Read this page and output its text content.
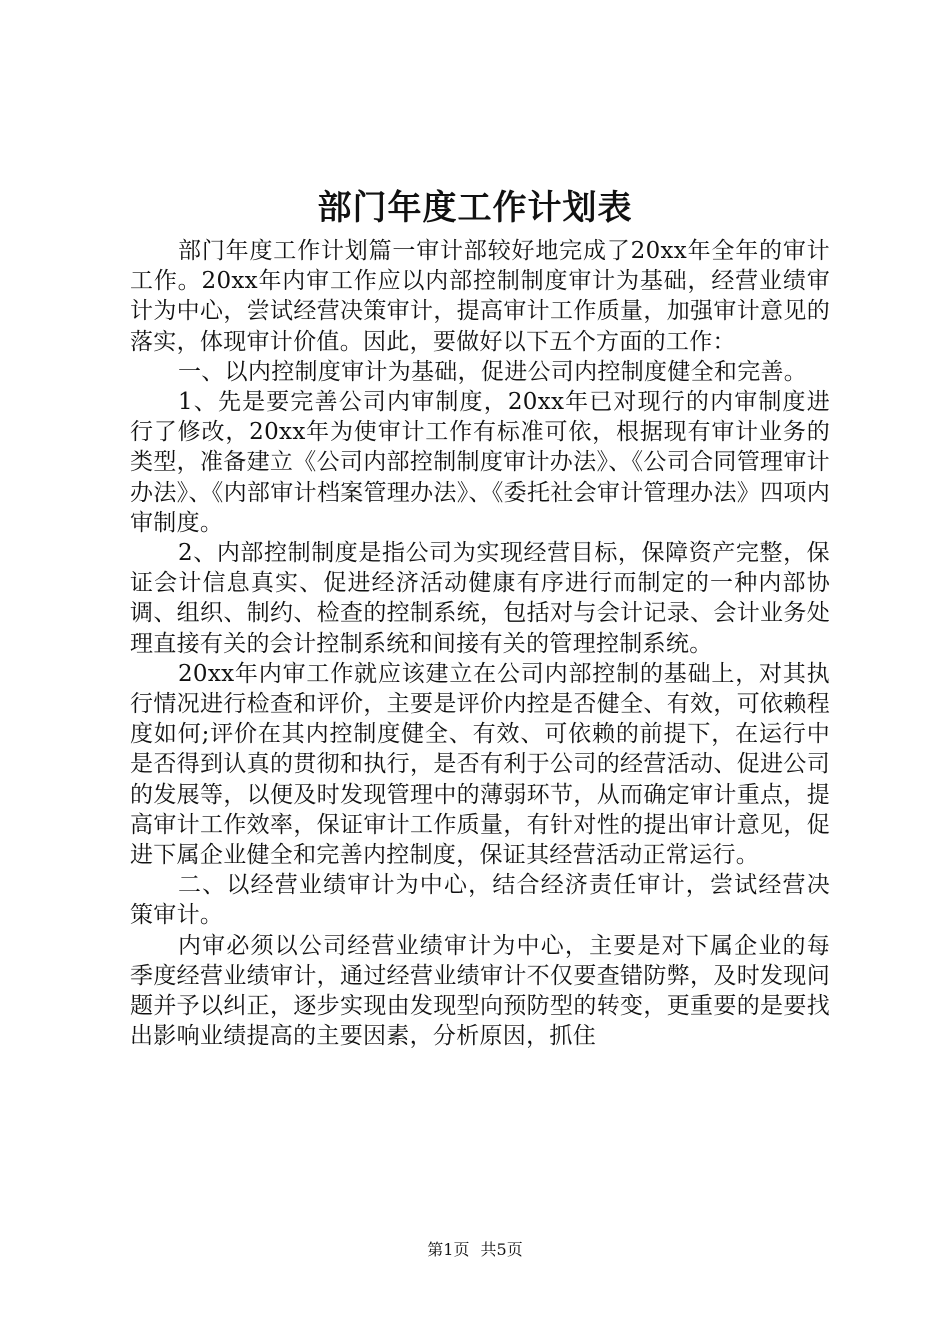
部门年度工作计划表

部门年度工作计划篇一审计部较好地完成了20xx年全年的审计工作。20xx年内审工作应以内部控制制度审计为基础，经营业绩审计为中心，尝试经营决策审计，提高审计工作质量，加强审计意见的落实，体现审计价值。因此，要做好以下五个方面的工作：

一、以内控制度审计为基础，促进公司内控制度健全和完善。

1、先是要完善公司内审制度，20xx年已对现行的内审制度进行了修改，20xx年为使审计工作有标准可依，根据现有审计业务的类型，准备建立《公司内部控制制度审计办法》、《公司合同管理审计办法》、《内部审计档案管理办法》、《委托社会审计管理办法》四项内审制度。

2、内部控制制度是指公司为实现经营目标，保障资产完整，保证会计信息真实、促进经济活动健康有序进行而制定的一种内部协调、组织、制约、检查的控制系统，包括对与会计记录、会计业务处理直接有关的会计控制系统和间接有关的管理控制系统。

20xx年内审工作就应该建立在公司内部控制的基础上，对其执行情况进行检查和评价，主要是评价内控是否健全、有效，可依赖程度如何;评价在其内控制度健全、有效、可依赖的前提下，在运行中是否得到认真的贯彻和执行，是否有利于公司的经营活动、促进公司的发展等，以便及时发现管理中的薄弱环节，从而确定审计重点，提高审计工作效率，保证审计工作质量，有针对性的提出审计意见，促进下属企业健全和完善内控制度，保证其经营活动正常运行。

二、以经营业绩审计为中心，结合经济责任审计，尝试经营决策审计。

内审必须以公司经营业绩审计为中心，主要是对下属企业的每季度经营业绩审计，通过经营业绩审计不仅要查错防弊，及时发现问题并予以纠正，逐步实现由发现型向预防型的转变，更重要的是要找出影响业绩提高的主要因素，分析原因，抓住

第1页 共5页
